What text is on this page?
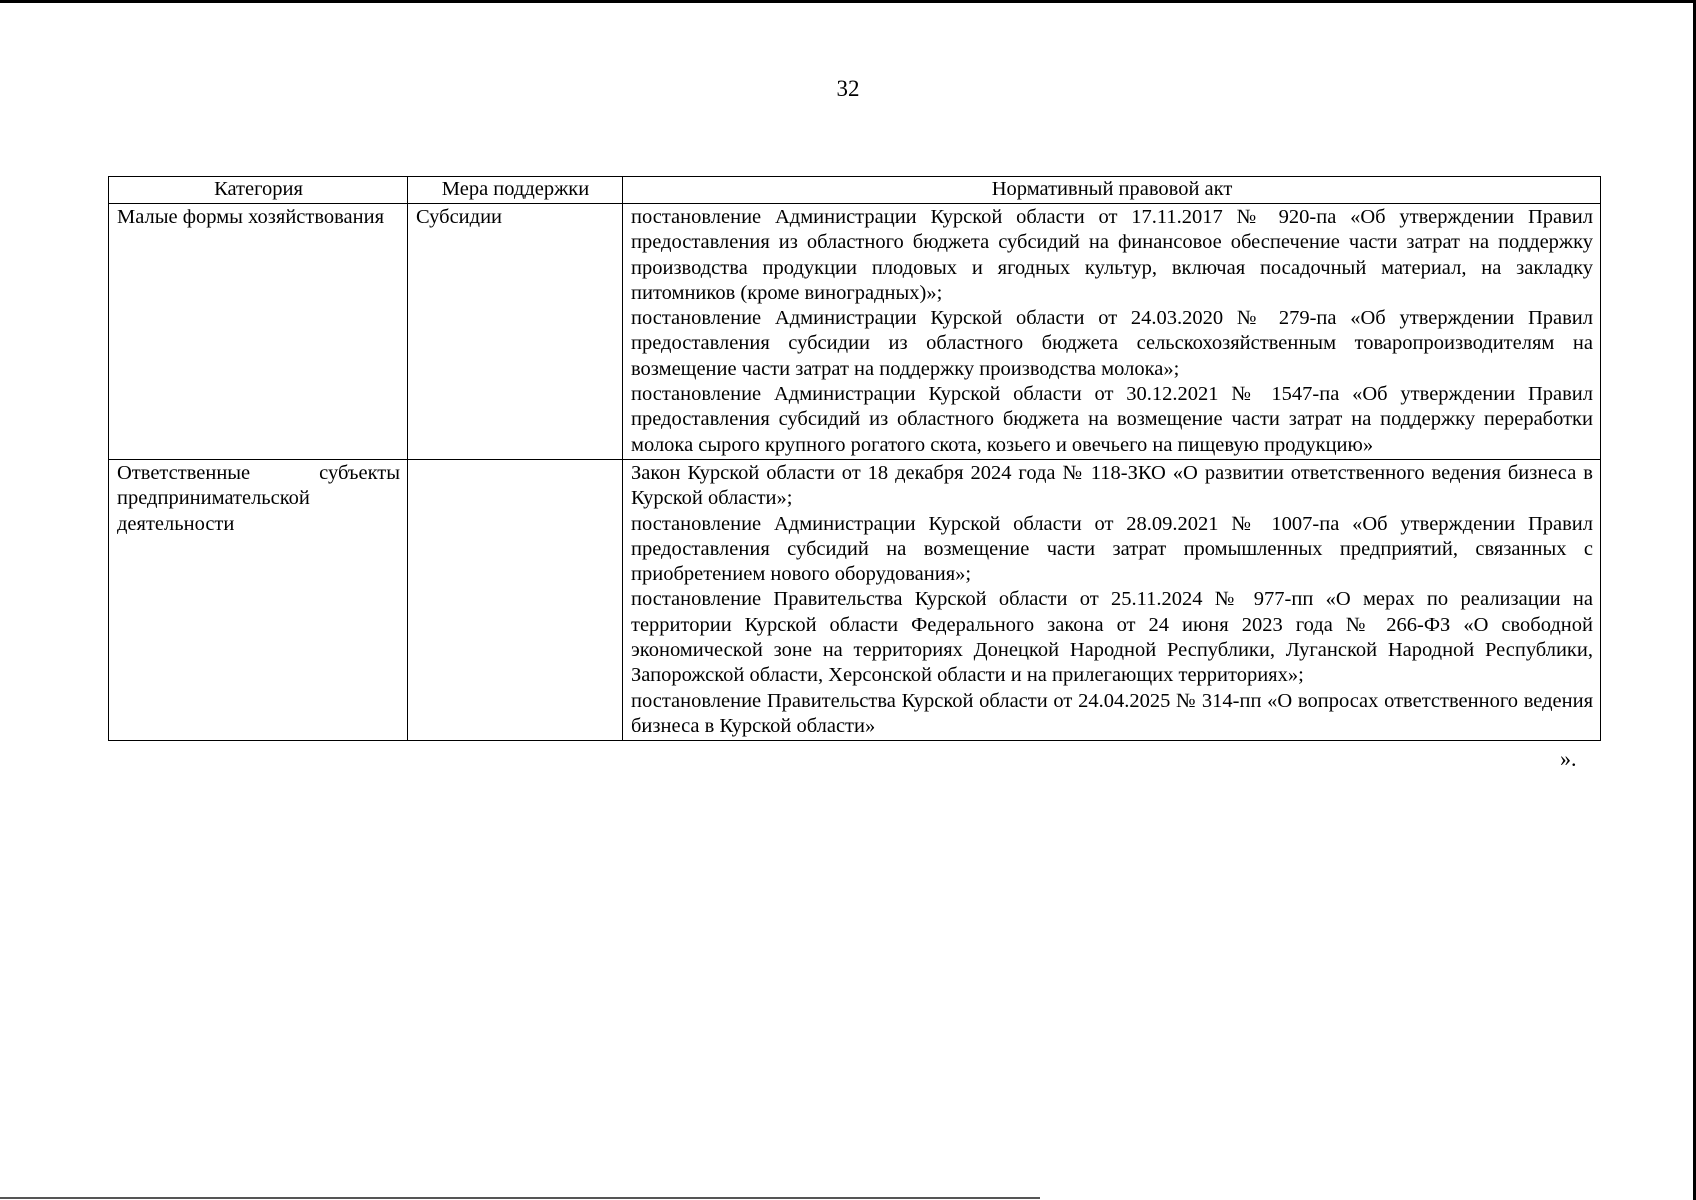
32
Категория	Мера поддержки	Нормативный правовой акт

Малые формы хозяйствования	Субсидии	постановление Администрации Курской области от 17.11.2017 № 920-па «Об утверждении Правил предоставления из областного бюджета субсидий на финансовое обеспечение части затрат на поддержку производства продукции плодовых и ягодных культур, включая посадочный материал, на закладку питомников (кроме виноградных)»;
постановление Администрации Курской области от 24.03.2020 № 279-па «Об утверждении Правил предоставления субсидии из областного бюджета сельскохозяйственным товаропроизводителям на возмещение части затрат на поддержку производства молока»;
постановление Администрации Курской области от 30.12.2021 № 1547-па «Об утверждении Правил предоставления субсидий из областного бюджета на возмещение части затрат на поддержку переработки молока сырого крупного рогатого скота, козьего и овечьего на пищевую продукцию»

Ответственные субъекты предпринимательской деятельности		Закон Курской области от 18 декабря 2024 года № 118-ЗКО «О развитии ответственного ведения бизнеса в Курской области»;
постановление Администрации Курской области от 28.09.2021 № 1007-па «Об утверждении Правил предоставления субсидий на возмещение части затрат промышленных предприятий, связанных с приобретением нового оборудования»;
постановление Правительства Курской области от 25.11.2024 № 977-пп «О мерах по реализации на территории Курской области Федерального закона от 24 июня 2023 года № 266-ФЗ «О свободной экономической зоне на территориях Донецкой Народной Республики, Луганской Народной Республики, Запорожской области, Херсонской области и на прилегающих территориях»;
постановление Правительства Курской области от 24.04.2025 № 314-пп «О вопросах ответственного ведения бизнеса в Курской области»
».
